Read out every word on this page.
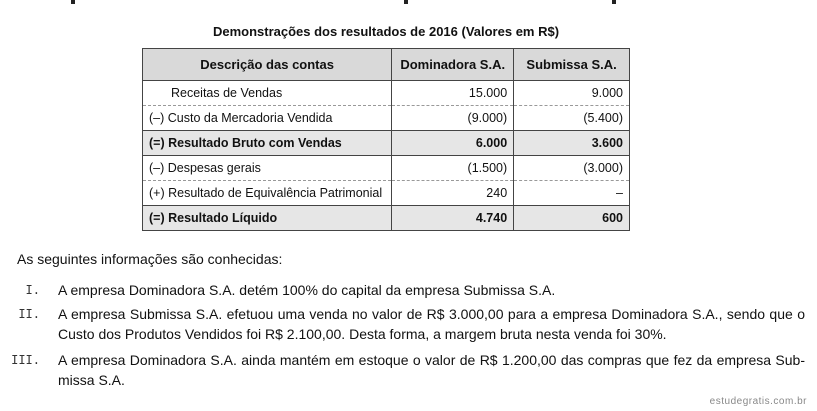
Demonstrações dos resultados de 2016 (Valores em R$)
Descrição das contas	Dominadora S.A.	Submissa S.A.
Receitas de Vendas	15.000	9.000
(–) Custo da Mercadoria Vendida	(9.000)	(5.400)
(=) Resultado Bruto com Vendas	6.000	3.600
(–) Despesas gerais	(1.500)	(3.000)
(+) Resultado de Equivalência Patrimonial	240	–
(=) Resultado Líquido	4.740	600
As seguintes informações são conhecidas:
I. A empresa Dominadora S.A. detém 100% do capital da empresa Submissa S.A.
II. A empresa Submissa S.A. efetuou uma venda no valor de R$ 3.000,00 para a empresa Dominadora S.A., sendo que o Custo dos Produtos Vendidos foi R$ 2.100,00. Desta forma, a margem bruta nesta venda foi 30%.
III. A empresa Dominadora S.A. ainda mantém em estoque o valor de R$ 1.200,00 das compras que fez da empresa Sub-missa S.A.
estudegratis.com.br
